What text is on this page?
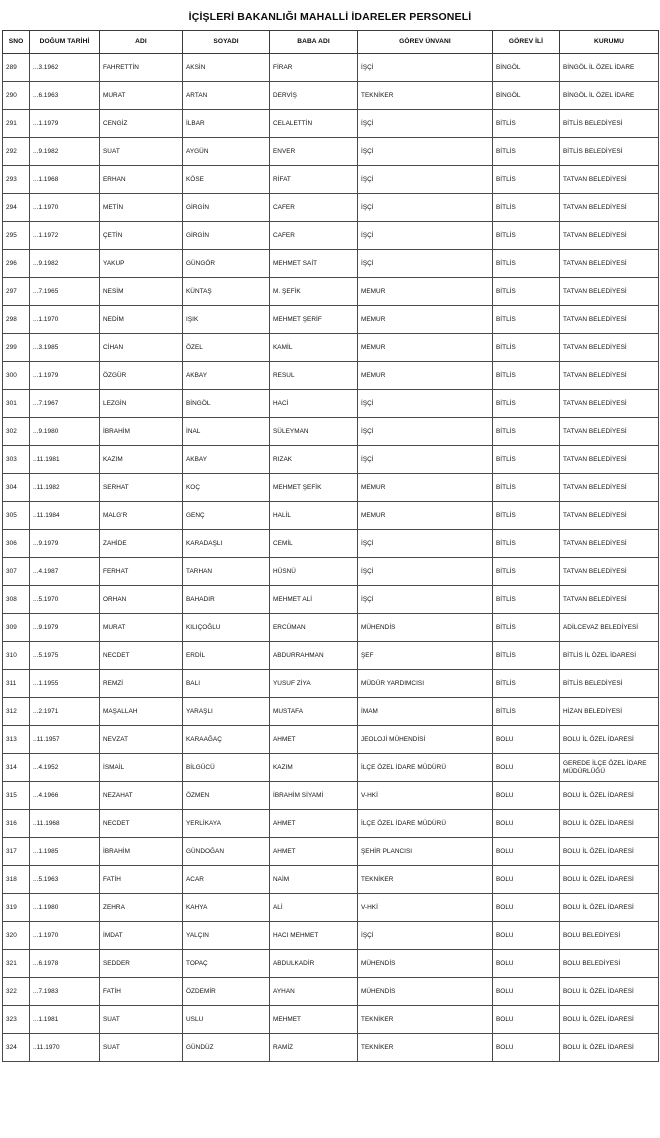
İÇİŞLERİ BAKANLIĞI MAHALLİ İDARELER PERSONELİ
SNO	DOĞUM TARİHİ	ADI	SOYADI	BABA ADI	GÖREV ÜNVANI	GÖREV İLİ	KURUMU

289	...3.1962	FAHRETTİN	AKSİN	FİRAR	İŞÇİ	BİNGÖL	BİNGÖL İL ÖZEL İDARE

290	...6.1963	MURAT	ARTAN	DERVİŞ	TEKNİKER	BİNGÖL	BİNGÖL İL ÖZEL İDARE

291	...1.1979	CENGİZ	İLBAR	CELALETTİN	İŞÇİ	BİTLİS	BİTLİS BELEDİYESİ

292	...9.1982	SUAT	AYGÜN	ENVER	İŞÇİ	BİTLİS	BİTLİS BELEDİYESİ

293	...1.1968	ERHAN	KÖSE	RİFAT	İŞÇİ	BİTLİS	TATVAN BELEDİYESİ

294	...1.1970	METİN	GİRGİN	CAFER	İŞÇİ	BİTLİS	TATVAN BELEDİYESİ

295	...1.1972	ÇETİN	GİRGİN	CAFER	İŞÇİ	BİTLİS	TATVAN BELEDİYESİ

296	...9.1982	YAKUP	GÜNGÖR	MEHMET SAİT	İŞÇİ	BİTLİS	TATVAN BELEDİYESİ

297	...7.1965	NESİM	KÜNTAŞ	M. ŞEFİK	MEMUR	BİTLİS	TATVAN BELEDİYESİ

298	...1.1970	NEDİM	IŞIK	MEHMET ŞERİF	MEMUR	BİTLİS	TATVAN BELEDİYESİ

299	...3.1985	CİHAN	ÖZEL	KAMİL	MEMUR	BİTLİS	TATVAN BELEDİYESİ

300	...1.1979	ÖZGÜR	AKBAY	RESUL	MEMUR	BİTLİS	TATVAN BELEDİYESİ

301	...7.1967	LEZGİN	BİNGÖL	HACİ	İŞÇİ	BİTLİS	TATVAN BELEDİYESİ

302	...9.1980	İBRAHİM	İNAL	SÜLEYMAN	İŞÇİ	BİTLİS	TATVAN BELEDİYESİ

303	..11.1981	KAZIM	AKBAY	RIZAK	İŞÇİ	BİTLİS	TATVAN BELEDİYESİ

304	..11.1982	SERHAT	KOÇ	MEHMET ŞEFİK	MEMUR	BİTLİS	TATVAN BELEDİYESİ

305	..11.1984	MALG'R	GENÇ	HALİL	MEMUR	BİTLİS	TATVAN BELEDİYESİ

306	...9.1979	ZAHİDE	KARADAŞLI	CEMİL	İŞÇİ	BİTLİS	TATVAN BELEDİYESİ

307	...4.1987	FERHAT	TARHAN	HÜSNÜ	İŞÇİ	BİTLİS	TATVAN BELEDİYESİ

308	...5.1970	ORHAN	BAHADIR	MEHMET ALİ	İŞÇİ	BİTLİS	TATVAN BELEDİYESİ

309	...9.1979	MURAT	KILIÇOĞLU	ERCÜMAN	MÜHENDİS	BİTLİS	ADİLCEVAZ BELEDİYESİ

310	...5.1975	NECDET	ERDİL	ABDURRAHMAN	ŞEF	BİTLİS	BİTLİS İL ÖZEL İDARESİ

311	...1.1955	REMZİ	BALI	YUSUF ZİYA	MÜDÜR YARDIMCISI	BİTLİS	BİTLİS BELEDİYESİ

312	...2.1971	MAŞALLAH	YARAŞLI	MUSTAFA	İMAM	BİTLİS	HİZAN BELEDİYESİ

313	..11.1957	NEVZAT	KARAAĞAÇ	AHMET	JEOLOJİ MÜHENDİSİ	BOLU	BOLU İL ÖZEL İDARESİ

314	...4.1952	İSMAİL	BİLGÜCÜ	KAZIM	İLÇE ÖZEL İDARE MÜDÜRÜ	BOLU	GEREDE İLÇE ÖZEL İDARE MÜDÜRLÜĞÜ

315	...4.1966	NEZAHAT	ÖZMEN	İBRAHİM SİYAMİ	V-HKİ	BOLU	BOLU İL ÖZEL İDARESİ

316	..11.1968	NECDET	YERLİKAYA	AHMET	İLÇE ÖZEL İDARE MÜDÜRÜ	BOLU	BOLU İL ÖZEL İDARESİ

317	...1.1985	İBRAHİM	GÜNDOĞAN	AHMET	ŞEHİR PLANCISI	BOLU	BOLU İL ÖZEL İDARESİ

318	...5.1963	FATİH	ACAR	NAİM	TEKNİKER	BOLU	BOLU İL ÖZEL İDARESİ

319	...1.1980	ZEHRA	KAHYA	ALİ	V-HKİ	BOLU	BOLU İL ÖZEL İDARESİ

320	...1.1970	İMDAT	YALÇIN	HACI MEHMET	İŞÇİ	BOLU	BOLU BELEDİYESİ

321	...6.1978	SEDDER	TOPAÇ	ABDULKADİR	MÜHENDİS	BOLU	BOLU BELEDİYESİ

322	...7.1983	FATİH	ÖZDEMİR	AYHAN	MÜHENDİS	BOLU	BOLU İL ÖZEL İDARESİ

323	...1.1981	SUAT	USLU	MEHMET	TEKNİKER	BOLU	BOLU İL ÖZEL İDARESİ

324	..11.1970	SUAT	GÜNDÜZ	RAMİZ	TEKNİKER	BOLU	BOLU İL ÖZEL İDARESİ
